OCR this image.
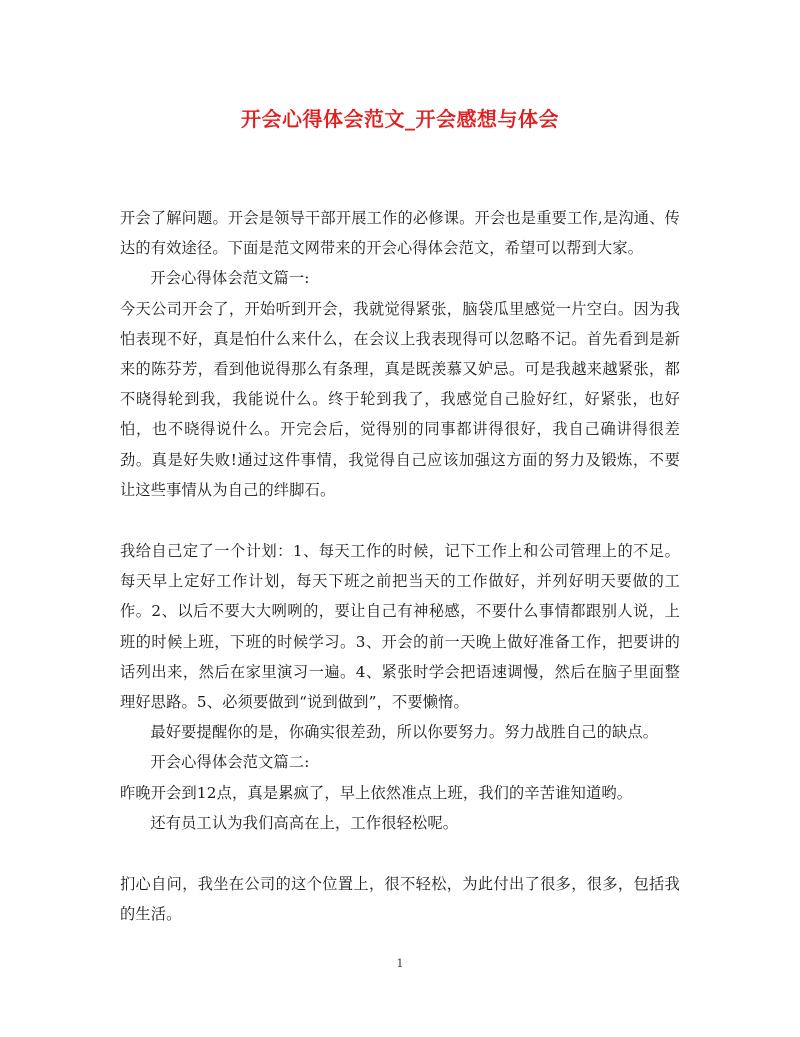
开会心得体会范文_开会感想与体会

开会了解问题。开会是领导干部开展工作的必修课。开会也是重要工作,是沟通、传达的有效途径。下面是范文网带来的开会心得体会范文，希望可以帮到大家。

开会心得体会范文篇一:

今天公司开会了，开始听到开会，我就觉得紧张，脑袋瓜里感觉一片空白。因为我怕表现不好，真是怕什么来什么，在会议上我表现得可以忽略不记。首先看到是新来的陈芬芳，看到他说得那么有条理，真是既羡慕又妒忌。可是我越来越紧张，都不晓得轮到我，我能说什么。终于轮到我了，我感觉自己脸好红，好紧张，也好怕，也不晓得说什么。开完会后，觉得别的同事都讲得很好，我自己确讲得很差劲。真是好失败!通过这件事情，我觉得自己应该加强这方面的努力及锻炼，不要让这些事情从为自己的绊脚石。

我给自己定了一个计划：1、每天工作的时候，记下工作上和公司管理上的不足。每天早上定好工作计划，每天下班之前把当天的工作做好，并列好明天要做的工作。2、以后不要大大咧咧的，要让自己有神秘感，不要什么事情都跟别人说，上班的时候上班，下班的时候学习。3、开会的前一天晚上做好准备工作，把要讲的话列出来，然后在家里演习一遍。4、紧张时学会把语速调慢，然后在脑子里面整理好思路。5、必须要做到“说到做到”，不要懒惰。

最好要提醒你的是，你确实很差劲，所以你要努力。努力战胜自己的缺点。

开会心得体会范文篇二:

昨晚开会到12点，真是累疯了，早上依然准点上班，我们的辛苦谁知道哟。

还有员工认为我们高高在上，工作很轻松呢。

扪心自问，我坐在公司的这个位置上，很不轻松，为此付出了很多，很多，包括我的生活。

1
